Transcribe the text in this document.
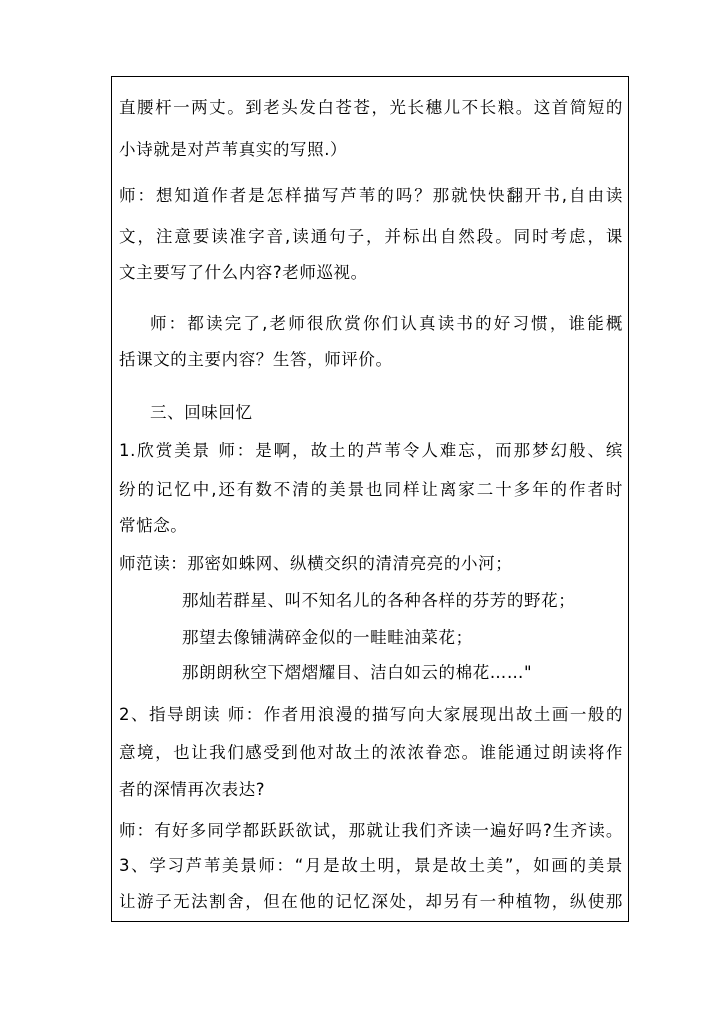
直腰杆一两丈。到老头发白苍苍，光长穗儿不长粮。这首简短的
小诗就是对芦苇真实的写照.）
师：想知道作者是怎样描写芦苇的吗？那就快快翻开书,自由读
文，注意要读准字音,读通句子，并标出自然段。同时考虑，课
文主要写了什么内容?老师巡视。
师：都读完了,老师很欣赏你们认真读书的好习惯，谁能概
括课文的主要内容？生答，师评价。
三、回味回忆
1.欣赏美景 师：是啊，故土的芦苇令人难忘，而那梦幻般、缤
纷的记忆中,还有数不清的美景也同样让离家二十多年的作者时
常惦念。
师范读：那密如蛛网、纵横交织的清清亮亮的小河；
那灿若群星、叫不知名儿的各种各样的芬芳的野花；
那望去像铺满碎金似的一畦畦油菜花；
那朗朗秋空下熠熠耀目、洁白如云的棉花……"
2、指导朗读 师：作者用浪漫的描写向大家展现出故土画一般的
意境，也让我们感受到他对故土的浓浓眷恋。谁能通过朗读将作
者的深情再次表达?
师：有好多同学都跃跃欲试，那就让我们齐读一遍好吗?生齐读。
3、学习芦苇美景师：“月是故土明，景是故土美”，如画的美景
让游子无法割舍，但在他的记忆深处，却另有一种植物，纵使那
